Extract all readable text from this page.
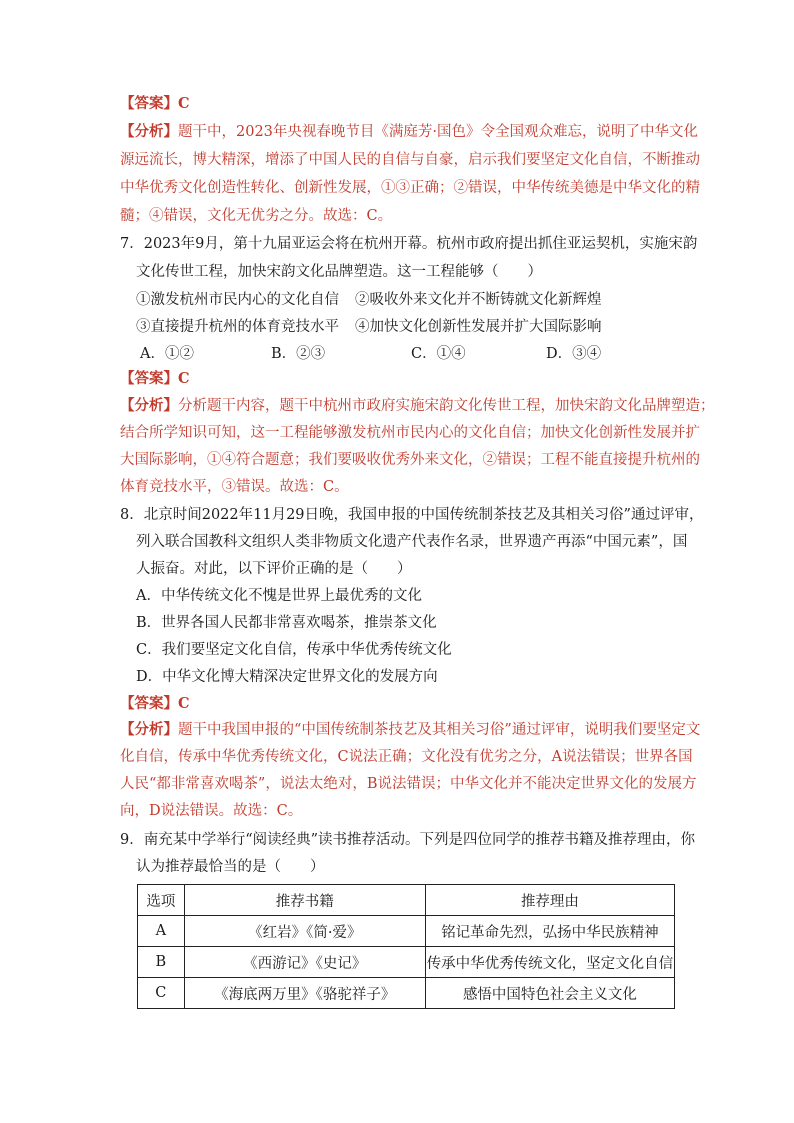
【答案】C
【分析】题干中，2023年央视春晚节目《满庭芳·国色》令全国观众难忘，说明了中华文化
源远流长，博大精深，增添了中国人民的自信与自豪，启示我们要坚定文化自信，不断推动
中华优秀文化创造性转化、创新性发展，①③正确；②错误，中华传统美德是中华文化的精
髓；④错误，文化无优劣之分。故选：C。
7．2023年9月，第十九届亚运会将在杭州开幕。杭州市政府提出抓住亚运契机，实施宋韵
文化传世工程，加快宋韵文化品牌塑造。这一工程能够（　　）
①激发杭州市民内心的文化自信 ②吸收外来文化并不断铸就文化新辉煌
③直接提升杭州的体育竞技水平 ④加快文化创新性发展并扩大国际影响
A．①②	B．②③	C．①④	D．③④
【答案】C
【分析】分析题干内容，题干中杭州市政府实施宋韵文化传世工程，加快宋韵文化品牌塑造；
结合所学知识可知，这一工程能够激发杭州市民内心的文化自信；加快文化创新性发展并扩
大国际影响，①④符合题意；我们要吸收优秀外来文化，②错误；工程不能直接提升杭州的
体育竞技水平，③错误。故选：C。
8．北京时间2022年11月29日晚，我国申报的中国传统制茶技艺及其相关习俗”通过评审，
列入联合国教科文组织人类非物质文化遗产代表作名录，世界遗产再添“中国元素”，国
人振奋。对此，以下评价正确的是（　　）
A．中华传统文化不愧是世界上最优秀的文化
B．世界各国人民都非常喜欢喝茶，推崇茶文化
C．我们要坚定文化自信，传承中华优秀传统文化
D．中华文化博大精深决定世界文化的发展方向
【答案】C
【分析】题干中我国申报的“中国传统制茶技艺及其相关习俗”通过评审，说明我们要坚定文
化自信，传承中华优秀传统文化，C说法正确；文化没有优劣之分，A说法错误；世界各国
人民“都非常喜欢喝茶”，说法太绝对，B说法错误；中华文化并不能决定世界文化的发展方
向，D说法错误。故选：C。
9．南充某中学举行“阅读经典”读书推荐活动。下列是四位同学的推荐书籍及推荐理由，你
认为推荐最恰当的是（　　）
选项	推荐书籍	推荐理由
A	《红岩》《简·爱》	铭记革命先烈，弘扬中华民族精神
B	《西游记》《史记》	传承中华优秀传统文化，坚定文化自信
C	《海底两万里》《骆驼祥子》	感悟中国特色社会主义文化
